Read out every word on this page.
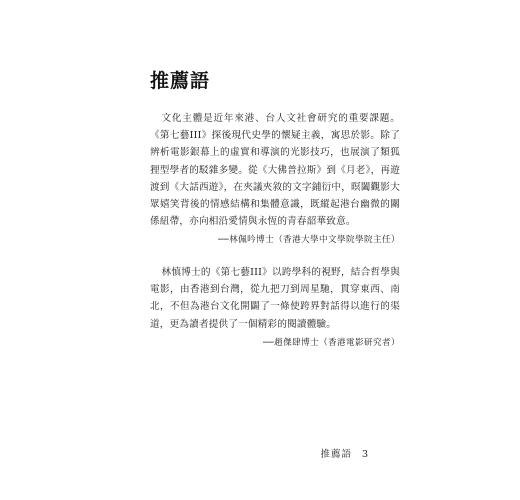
推薦語

文化主體是近年來港、台人文社會研究的重要課題。《第七藝III》探後現代史學的懷疑主義，寓思於影。除了辨析電影銀幕上的虛實和導演的光影技巧，也展演了類狐狸型學者的駁雜多變。從《大佛普拉斯》到《月老》，再遊渡到《大話西遊》，在夾議夾敘的文字鋪衍中，暝闔觀影大眾嬉笑背後的情感結構和集體意識，既縱起港台幽微的關係紐帶，亦向相沿愛情與永恆的青春韶華致意。

──林佩吟博士（香港大學中文學院學院主任）

林慎博士的《第七藝III》以跨學科的視野，結合哲學與電影，由香港到台灣，從九把刀到周星馳，貫穿東西、南北，不但為港台文化開闢了一條使跨界對話得以進行的渠道，更為讀者提供了一個精彩的閱讀體驗。

──趙傑肆博士（香港電影研究者）
推薦語 3
